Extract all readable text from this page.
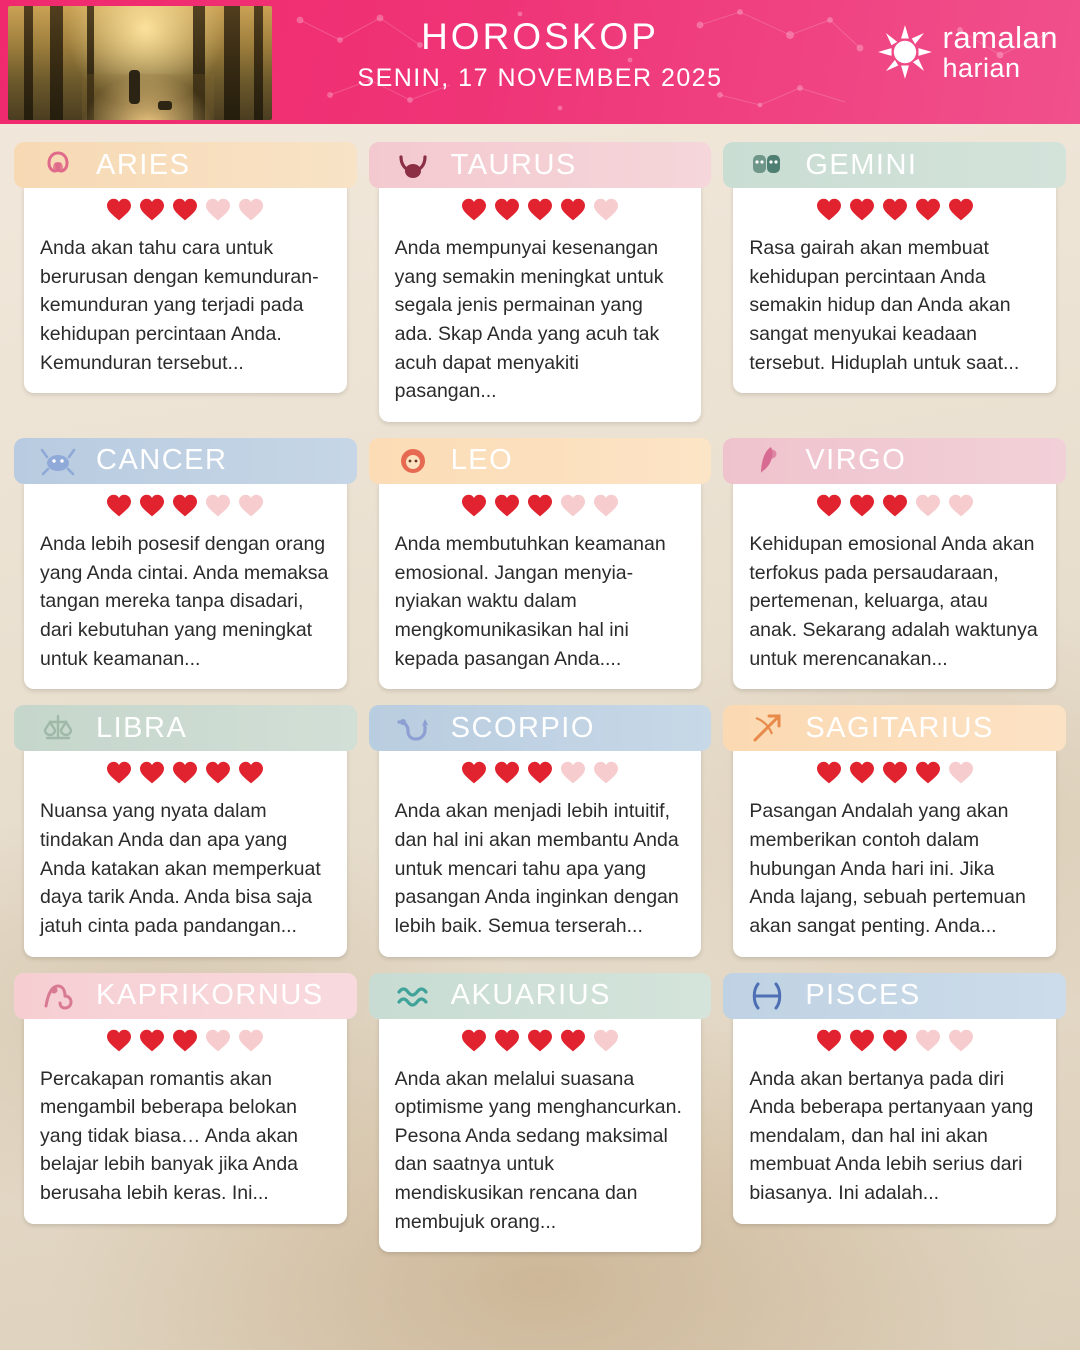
HOROSKOP
SENIN, 17 NOVEMBER 2025
ramalan
harian
ARIES
Anda akan tahu cara untuk berurusan dengan kemunduran-kemunduran yang terjadi pada kehidupan percintaan Anda. Kemunduran tersebut...
TAURUS
Anda mempunyai kesenangan yang semakin meningkat untuk segala jenis permainan yang ada. Skap Anda yang acuh tak acuh dapat menyakiti pasangan...
GEMINI
Rasa gairah akan membuat kehidupan percintaan Anda semakin hidup dan Anda akan sangat menyukai keadaan tersebut. Hiduplah untuk saat...
CANCER
Anda lebih posesif dengan orang yang Anda cintai. Anda memaksa tangan mereka tanpa disadari, dari kebutuhan yang meningkat untuk keamanan...
LEO
Anda membutuhkan keamanan emosional. Jangan menyia-nyiakan waktu dalam mengkomunikasikan hal ini kepada pasangan Anda....
VIRGO
Kehidupan emosional Anda akan terfokus pada persaudaraan, pertemenan, keluarga, atau anak. Sekarang adalah waktunya untuk merencanakan...
LIBRA
Nuansa yang nyata dalam tindakan Anda dan apa yang Anda katakan akan memperkuat daya tarik Anda. Anda bisa saja jatuh cinta pada pandangan...
SCORPIO
Anda akan menjadi lebih intuitif, dan hal ini akan membantu Anda untuk mencari tahu apa yang pasangan Anda inginkan dengan lebih baik. Semua terserah...
SAGITARIUS
Pasangan Andalah yang akan memberikan contoh dalam hubungan Anda hari ini. Jika Anda lajang, sebuah pertemuan akan sangat penting. Anda...
KAPRIKORNUS
Percakapan romantis akan mengambil beberapa belokan yang tidak biasa… Anda akan belajar lebih banyak jika Anda berusaha lebih keras. Ini...
AKUARIUS
Anda akan melalui suasana optimisme yang menghancurkan. Pesona Anda sedang maksimal dan saatnya untuk mendiskusikan rencana dan membujuk orang...
PISCES
Anda akan bertanya pada diri Anda beberapa pertanyaan yang mendalam, dan hal ini akan membuat Anda lebih serius dari biasanya. Ini adalah...
